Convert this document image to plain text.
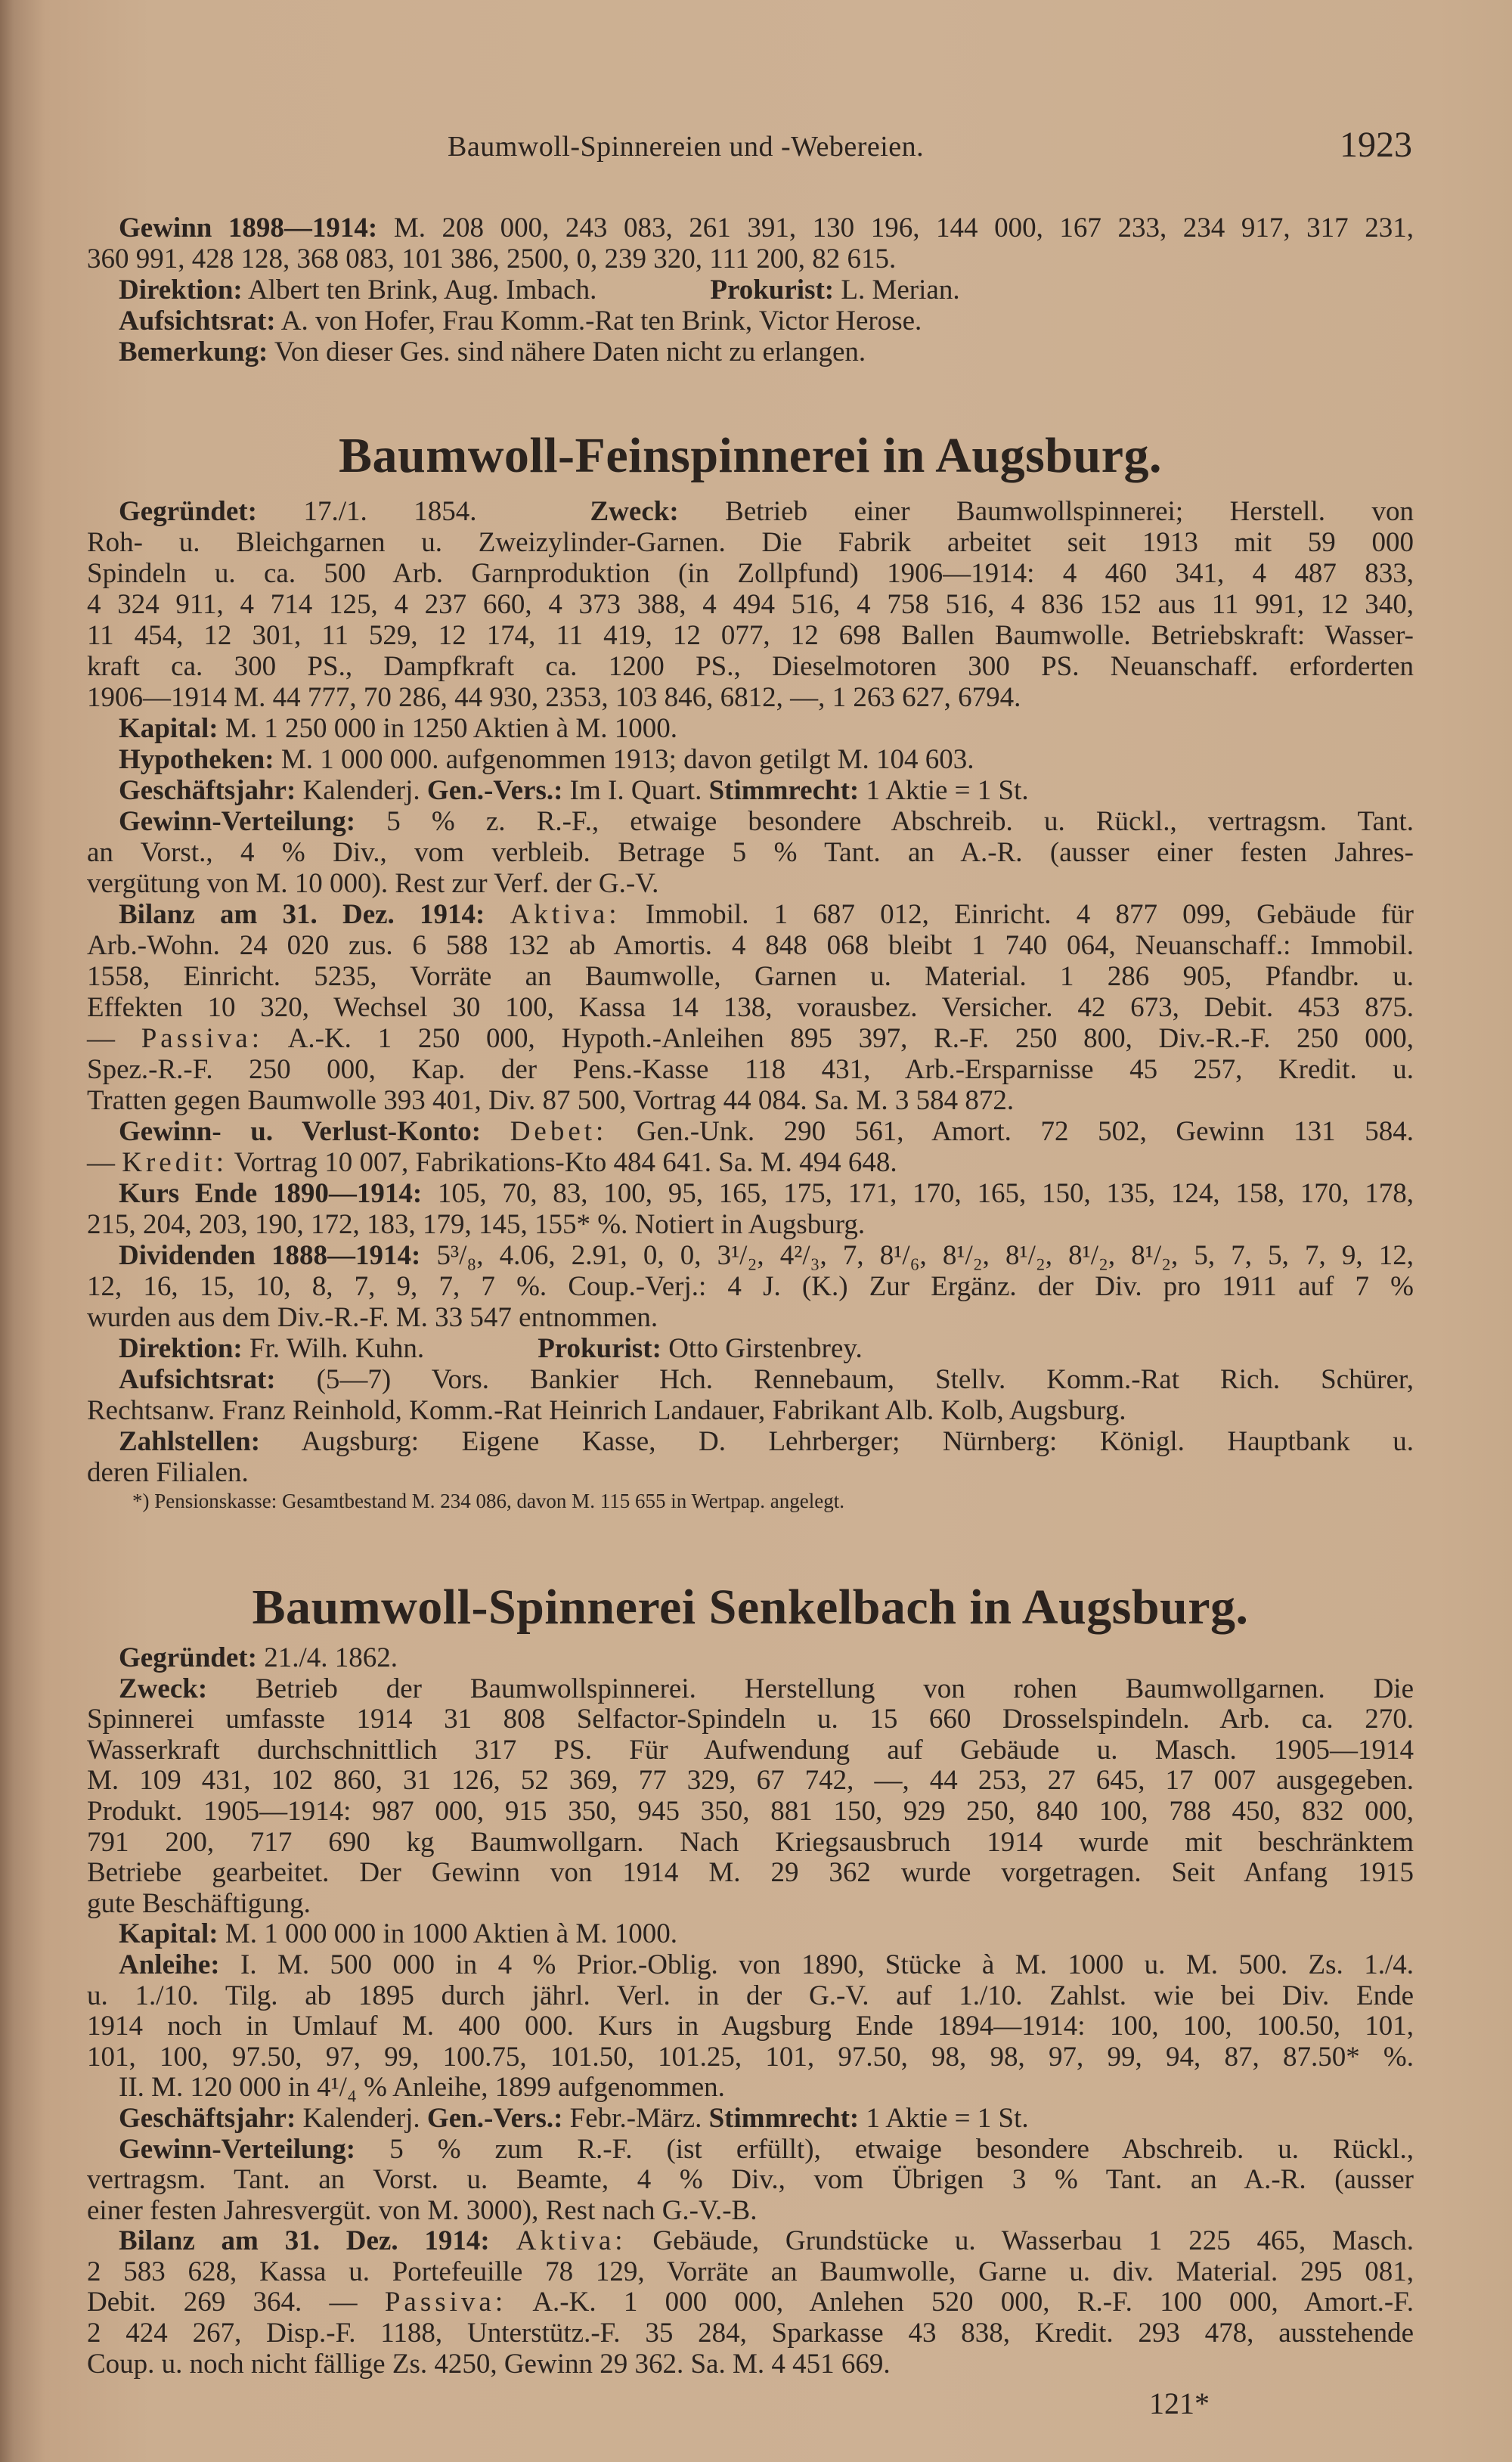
Baumwoll-Spinnereien und -Webereien.	1923
Gewinn 1898—1914: M. 208 000, 243 083, 261 391, 130 196, 144 000, 167 233, 234 917, 317 231,
360 991, 428 128, 368 083, 101 386, 2500, 0, 239 320, 111 200, 82 615.
Direktion: Albert ten Brink, Aug. Imbach.	Prokurist: L. Merian.
Aufsichtsrat: A. von Hofer, Frau Komm.-Rat ten Brink, Victor Herose.
Bemerkung: Von dieser Ges. sind nähere Daten nicht zu erlangen.
Baumwoll-Feinspinnerei in Augsburg.
Gegründet: 17./1. 1854.	Zweck: Betrieb einer Baumwollspinnerei; Herstell. von
Roh- u. Bleichgarnen u. Zweizylinder-Garnen. Die Fabrik arbeitet seit 1913 mit 59 000
Spindeln u. ca. 500 Arb. Garnproduktion (in Zollpfund) 1906—1914: 4 460 341, 4 487 833,
4 324 911, 4 714 125, 4 237 660, 4 373 388, 4 494 516, 4 758 516, 4 836 152 aus 11 991, 12 340,
11 454, 12 301, 11 529, 12 174, 11 419, 12 077, 12 698 Ballen Baumwolle. Betriebskraft: Wasser-
kraft ca. 300 PS., Dampfkraft ca. 1200 PS., Dieselmotoren 300 PS. Neuanschaff. erforderten
1906—1914 M. 44 777, 70 286, 44 930, 2353, 103 846, 6812, —, 1 263 627, 6794.
Kapital: M. 1 250 000 in 1250 Aktien à M. 1000.
Hypotheken: M. 1 000 000. aufgenommen 1913; davon getilgt M. 104 603.
Geschäftsjahr: Kalenderj. Gen.-Vers.: Im I. Quart. Stimmrecht: 1 Aktie = 1 St.
Gewinn-Verteilung: 5 % z. R.-F., etwaige besondere Abschreib. u. Rückl., vertragsm. Tant.
an Vorst., 4 % Div., vom verbleib. Betrage 5 % Tant. an A.-R. (ausser einer festen Jahres-
vergütung von M. 10 000). Rest zur Verf. der G.-V.
Bilanz am 31. Dez. 1914: Aktiva: Immobil. 1 687 012, Einricht. 4 877 099, Gebäude für
Arb.-Wohn. 24 020 zus. 6 588 132 ab Amortis. 4 848 068 bleibt 1 740 064, Neuanschaff.: Immobil.
1558, Einricht. 5235, Vorräte an Baumwolle, Garnen u. Material. 1 286 905, Pfandbr. u.
Effekten 10 320, Wechsel 30 100, Kassa 14 138, vorausbez. Versicher. 42 673, Debit. 453 875.
— Passiva: A.-K. 1 250 000, Hypoth.-Anleihen 895 397, R.-F. 250 800, Div.-R.-F. 250 000,
Spez.-R.-F. 250 000, Kap. der Pens.-Kasse 118 431, Arb.-Ersparnisse 45 257, Kredit. u.
Tratten gegen Baumwolle 393 401, Div. 87 500, Vortrag 44 084. Sa. M. 3 584 872.
Gewinn- u. Verlust-Konto: Debet: Gen.-Unk. 290 561, Amort. 72 502, Gewinn 131 584.
— Kredit: Vortrag 10 007, Fabrikations-Kto 484 641. Sa. M. 494 648.
Kurs Ende 1890—1914: 105, 70, 83, 100, 95, 165, 175, 171, 170, 165, 150, 135, 124, 158, 170, 178,
215, 204, 203, 190, 172, 183, 179, 145, 155* %. Notiert in Augsburg.
Dividenden 1888—1914: 5³/₈, 4.06, 2.91, 0, 0, 3¹/₂, 4²/₃, 7, 8¹/₆, 8¹/₂, 8¹/₂, 8¹/₂, 8¹/₂, 5, 7, 5, 7, 9, 12,
12, 16, 15, 10, 8, 7, 9, 7, 7 %. Coup.-Verj.: 4 J. (K.) Zur Ergänz. der Div. pro 1911 auf 7 %
wurden aus dem Div.-R.-F. M. 33 547 entnommen.
Direktion: Fr. Wilh. Kuhn.	Prokurist: Otto Girstenbrey.
Aufsichtsrat: (5—7) Vors. Bankier Hch. Rennebaum, Stellv. Komm.-Rat Rich. Schürer,
Rechtsanw. Franz Reinhold, Komm.-Rat Heinrich Landauer, Fabrikant Alb. Kolb, Augsburg.
Zahlstellen: Augsburg: Eigene Kasse, D. Lehrberger; Nürnberg: Königl. Hauptbank u.
deren Filialen.
*) Pensionskasse: Gesamtbestand M. 234 086, davon M. 115 655 in Wertpap. angelegt.
Baumwoll-Spinnerei Senkelbach in Augsburg.
Gegründet: 21./4. 1862.
Zweck: Betrieb der Baumwollspinnerei. Herstellung von rohen Baumwollgarnen. Die
Spinnerei umfasste 1914 31 808 Selfactor-Spindeln u. 15 660 Drosselspindeln. Arb. ca. 270.
Wasserkraft durchschnittlich 317 PS. Für Aufwendung auf Gebäude u. Masch. 1905—1914
M. 109 431, 102 860, 31 126, 52 369, 77 329, 67 742, —, 44 253, 27 645, 17 007 ausgegeben.
Produkt. 1905—1914: 987 000, 915 350, 945 350, 881 150, 929 250, 840 100, 788 450, 832 000,
791 200, 717 690 kg Baumwollgarn. Nach Kriegsausbruch 1914 wurde mit beschränktem
Betriebe gearbeitet. Der Gewinn von 1914 M. 29 362 wurde vorgetragen. Seit Anfang 1915
gute Beschäftigung.
Kapital: M. 1 000 000 in 1000 Aktien à M. 1000.
Anleihe: I. M. 500 000 in 4 % Prior.-Oblig. von 1890, Stücke à M. 1000 u. M. 500. Zs. 1./4.
u. 1./10. Tilg. ab 1895 durch jährl. Verl. in der G.-V. auf 1./10. Zahlst. wie bei Div. Ende
1914 noch in Umlauf M. 400 000. Kurs in Augsburg Ende 1894—1914: 100, 100, 100.50, 101,
101, 100, 97.50, 97, 99, 100.75, 101.50, 101.25, 101, 97.50, 98, 98, 97, 99, 94, 87, 87.50* %.
II. M. 120 000 in 4¹/₄ % Anleihe, 1899 aufgenommen.
Geschäftsjahr: Kalenderj. Gen.-Vers.: Febr.-März. Stimmrecht: 1 Aktie = 1 St.
Gewinn-Verteilung: 5 % zum R.-F. (ist erfüllt), etwaige besondere Abschreib. u. Rückl.,
vertragsm. Tant. an Vorst. u. Beamte, 4 % Div., vom Übrigen 3 % Tant. an A.-R. (ausser
einer festen Jahresvergüt. von M. 3000), Rest nach G.-V.-B.
Bilanz am 31. Dez. 1914: Aktiva: Gebäude, Grundstücke u. Wasserbau 1 225 465, Masch.
2 583 628, Kassa u. Portefeuille 78 129, Vorräte an Baumwolle, Garne u. div. Material. 295 081,
Debit. 269 364. — Passiva: A.-K. 1 000 000, Anlehen 520 000, R.-F. 100 000, Amort.-F.
2 424 267, Disp.-F. 1188, Unterstütz.-F. 35 284, Sparkasse 43 838, Kredit. 293 478, ausstehende
Coup. u. noch nicht fällige Zs. 4250, Gewinn 29 362. Sa. M. 4 451 669.
121*
